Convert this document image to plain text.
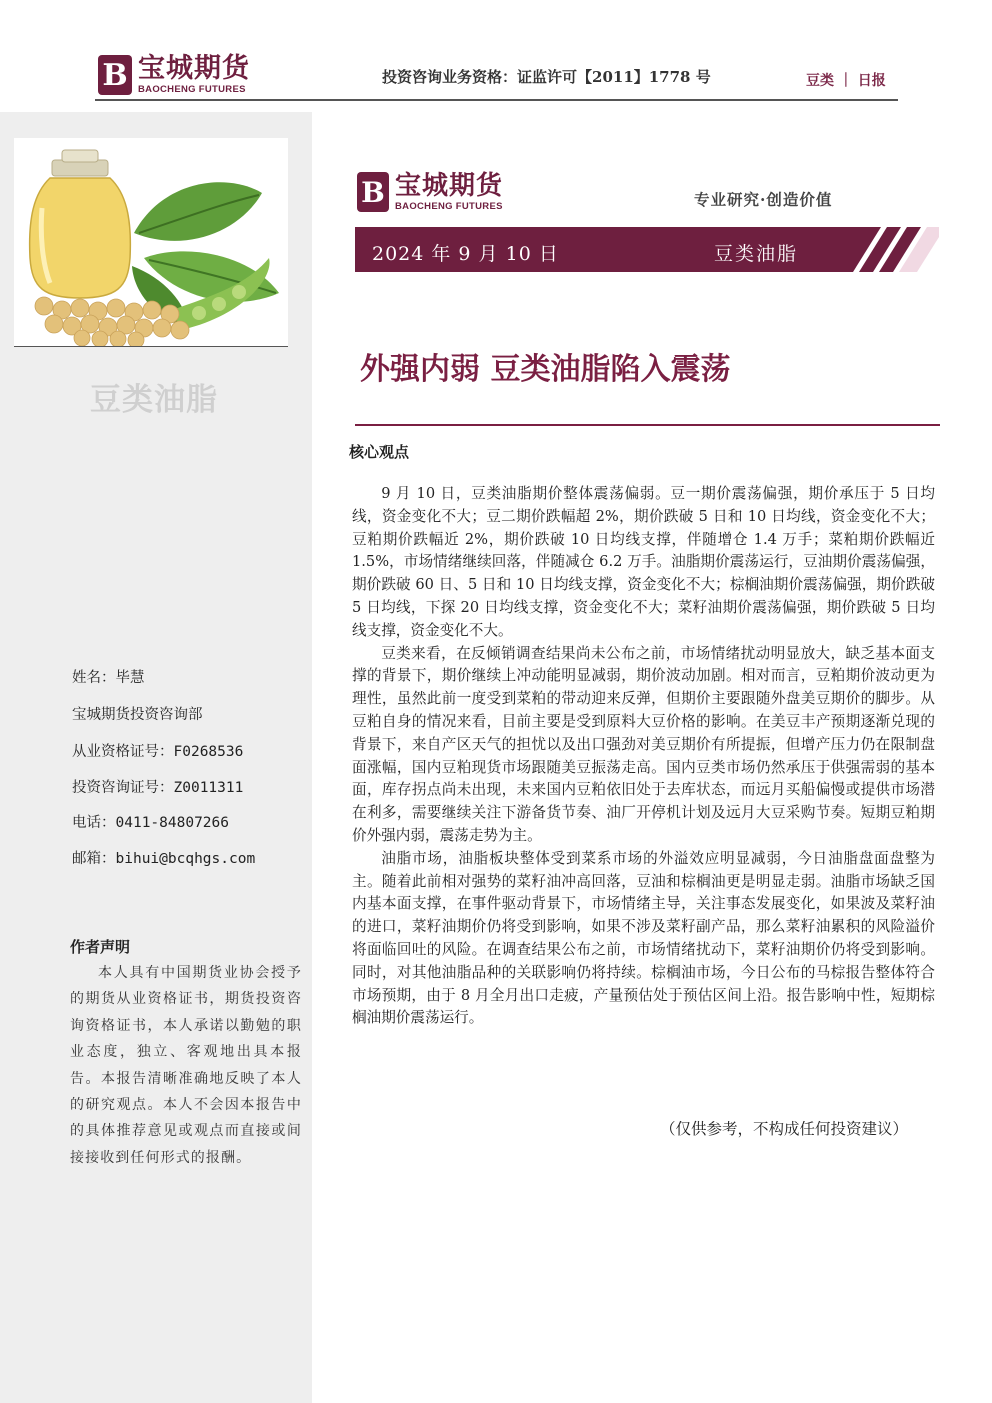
B 宝城期货
BAOCHENG FUTURES
投资咨询业务资格：证监许可【2011】1778 号	豆类 ｜ 日报
豆类油脂
姓名：毕慧
宝城期货投资咨询部
从业资格证号：F0268536
投资咨询证号：Z0011311
电话：0411-84807266
邮箱：bihui@bcqhgs.com
作者声明
本人具有中国期货业协会授予的期货从业资格证书，期货投资咨询资格证书，本人承诺以勤勉的职业态度，独立、客观地出具本报告。本报告清晰准确地反映了本人的研究观点。本人不会因本报告中的具体推荐意见或观点而直接或间接接收到任何形式的报酬。
B 宝城期货
BAOCHENG FUTURES	专业研究·创造价值
2024 年 9 月 10 日	豆类油脂
外强内弱 豆类油脂陷入震荡
核心观点

9 月 10 日，豆类油脂期价整体震荡偏弱。豆一期价震荡偏强，期价承压于 5 日均线，资金变化不大；豆二期价跌幅超 2%，期价跌破 5 日和 10 日均线，资金变化不大；豆粕期价跌幅近 2%，期价跌破 10 日均线支撑，伴随增仓 1.4 万手；菜粕期价跌幅近 1.5%，市场情绪继续回落，伴随减仓 6.2 万手。油脂期价震荡运行，豆油期价震荡偏强，期价跌破 60 日、5 日和 10 日均线支撑，资金变化不大；棕榈油期价震荡偏强，期价跌破 5 日均线，下探 20 日均线支撑，资金变化不大；菜籽油期价震荡偏强，期价跌破 5 日均线支撑，资金变化不大。

豆类来看，在反倾销调查结果尚未公布之前，市场情绪扰动明显放大，缺乏基本面支撑的背景下，期价继续上冲动能明显减弱，期价波动加剧。相对而言，豆粕期价波动更为理性，虽然此前一度受到菜粕的带动迎来反弹，但期价主要跟随外盘美豆期价的脚步。从豆粕自身的情况来看，目前主要是受到原料大豆价格的影响。在美豆丰产预期逐渐兑现的背景下，来自产区天气的担忧以及出口强劲对美豆期价有所提振，但增产压力仍在限制盘面涨幅，国内豆粕现货市场跟随美豆振荡走高。国内豆类市场仍然承压于供强需弱的基本面，库存拐点尚未出现，未来国内豆粕依旧处于去库状态，而远月买船偏慢或提供市场潜在利多，需要继续关注下游备货节奏、油厂开停机计划及远月大豆采购节奏。短期豆粕期价外强内弱，震荡走势为主。

油脂市场，油脂板块整体受到菜系市场的外溢效应明显减弱，今日油脂盘面盘整为主。随着此前相对强势的菜籽油冲高回落，豆油和棕榈油更是明显走弱。油脂市场缺乏国内基本面支撑，在事件驱动背景下，市场情绪主导，关注事态发展变化，如果波及菜籽油的进口，菜籽油期价仍将受到影响，如果不涉及菜籽副产品，那么菜籽油累积的风险溢价将面临回吐的风险。在调查结果公布之前，市场情绪扰动下，菜籽油期价仍将受到影响。同时，对其他油脂品种的关联影响仍将持续。棕榈油市场，今日公布的马棕报告整体符合市场预期，由于 8 月全月出口走疲，产量预估处于预估区间上沿。报告影响中性，短期棕榈油期价震荡运行。

（仅供参考，不构成任何投资建议）
